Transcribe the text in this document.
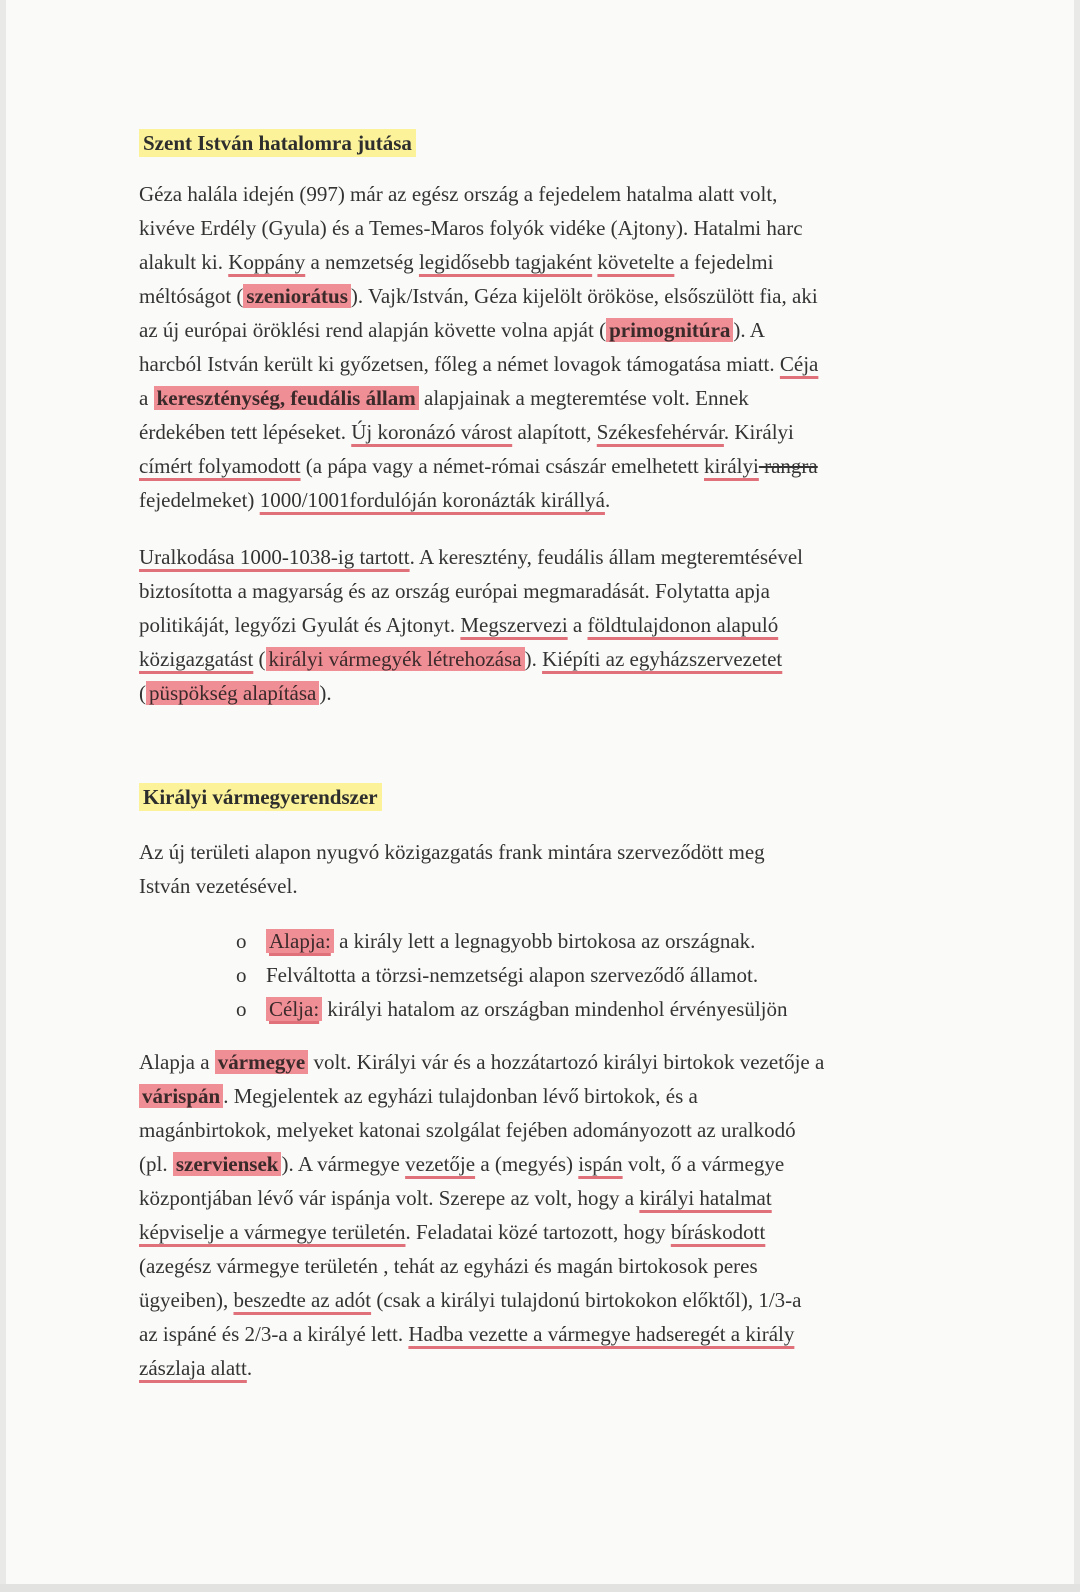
Szent István hatalomra jutása
Géza halála idején (997) már az egész ország a fejedelem hatalma alatt volt,
kivéve Erdély (Gyula) és a Temes-Maros folyók vidéke (Ajtony). Hatalmi harc
alakult ki. Koppány a nemzetség legidősebb tagjaként követelte a fejedelmi
méltóságot ( szeniorátus ). Vajk/István, Géza kijelölt örököse, elsőszülött fia, aki
az új európai öröklési rend alapján követte volna apját ( primognitúra ). A
harcból István került ki győzetsen, főleg a német lovagok támogatása miatt. Céja
a kereszténység, feudális állam alapjainak a megteremtése volt. Ennek
érdekében tett lépéseket. Új koronázó várost alapított, Székesfehérvár. Királyi
címért folyamodott (a pápa vagy a német-római császár emelhetett királyi rangra
fejedelmeket) 1000/1001fordulóján koronázták királlyá.
Uralkodása 1000-1038-ig tartott. A keresztény, feudális állam megteremtésével
biztosította a magyarság és az ország európai megmaradását. Folytatta apja
politikáját, legyőzi Gyulát és Ajtonyt. Megszervezi a földtulajdonon alapuló
közigazgatást ( királyi vármegyék létrehozása ). Kiépíti az egyházszervezetet
( püspökség alapítása ).
Királyi vármegyerendszer
Az új területi alapon nyugvó közigazgatás frank mintára szerveződött meg
István vezetésével.
o Alapja: a király lett a legnagyobb birtokosa az országnak.
o Felváltotta a törzsi-nemzetségi alapon szerveződő államot.
o Célja: királyi hatalom az országban mindenhol érvényesüljön
Alapja a vármegye volt. Királyi vár és a hozzátartozó királyi birtokok vezetője a
várispán . Megjelentek az egyházi tulajdonban lévő birtokok, és a
magánbirtokok, melyeket katonai szolgálat fejében adományozott az uralkodó
(pl. szerviensek ). A vármegye vezetője a (megyés) ispán volt, ő a vármegye
központjában lévő vár ispánja volt. Szerepe az volt, hogy a királyi hatalmat
képviselje a vármegye területén. Feladatai közé tartozott, hogy bíráskodott
(azegész vármegye területén , tehát az egyházi és magán birtokosok peres
ügyeiben), beszedte az adót (csak a királyi tulajdonú birtokokon előktől), 1/3-a
az ispáné és 2/3-a a királyé lett. Hadba vezette a vármegye hadseregét a király
zászlaja alatt.
